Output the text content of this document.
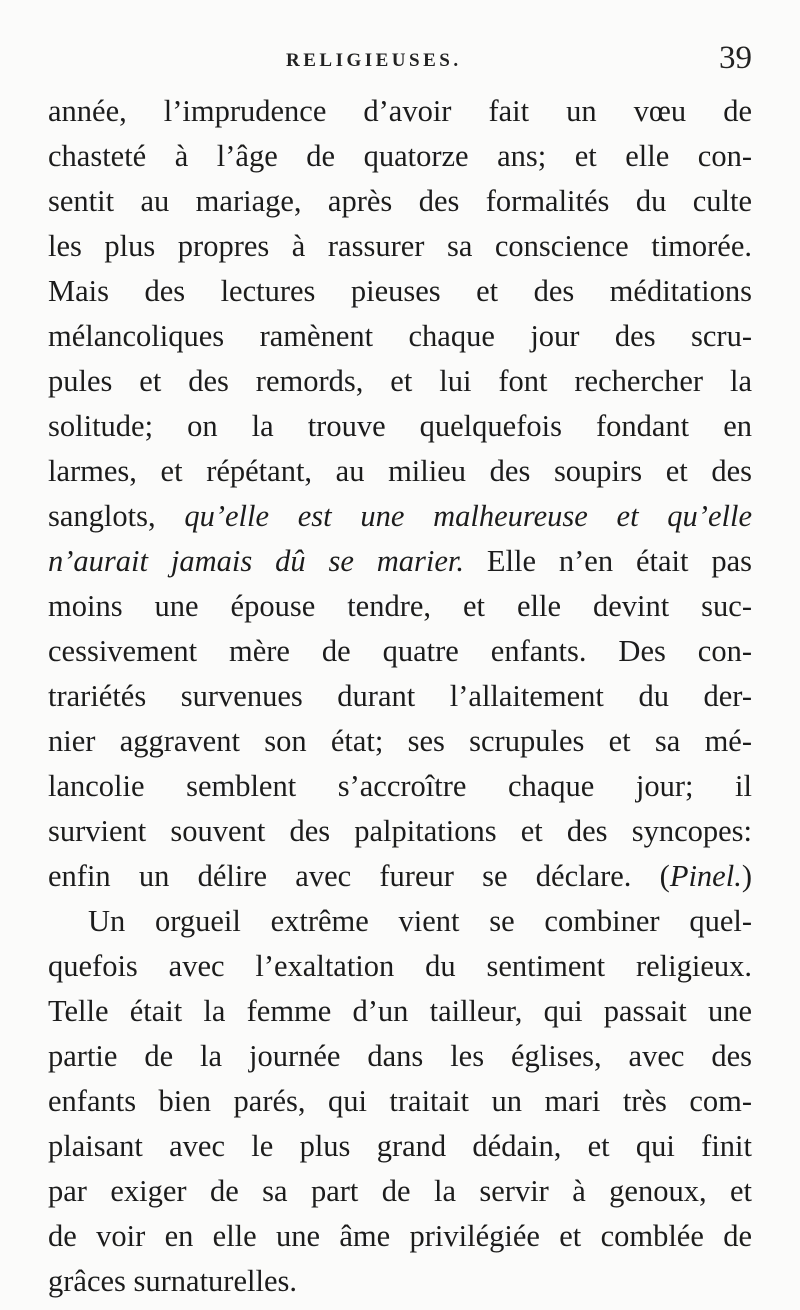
RELIGIEUSES.	39
année, l’imprudence d’avoir fait un vœu de
chasteté à l’âge de quatorze ans; et elle con-
sentit au mariage, après des formalités du culte
les plus propres à rassurer sa conscience timorée.
Mais des lectures pieuses et des méditations
mélancoliques ramènent chaque jour des scru-
pules et des remords, et lui font rechercher la
solitude; on la trouve quelquefois fondant en
larmes, et répétant, au milieu des soupirs et des
sanglots, qu’elle est une malheureuse et qu’elle
n’aurait jamais dû se marier. Elle n’en était pas
moins une épouse tendre, et elle devint suc-
cessivement mère de quatre enfants. Des con-
trariétés survenues durant l’allaitement du der-
nier aggravent son état; ses scrupules et sa mé-
lancolie semblent s’accroître chaque jour; il
survient souvent des palpitations et des syncopes:
enfin un délire avec fureur se déclare. (Pinel.)
Un orgueil extrême vient se combiner quel-
quefois avec l’exaltation du sentiment religieux.
Telle était la femme d’un tailleur, qui passait une
partie de la journée dans les églises, avec des
enfants bien parés, qui traitait un mari très com-
plaisant avec le plus grand dédain, et qui finit
par exiger de sa part de la servir à genoux, et
de voir en elle une âme privilégiée et comblée de
grâces surnaturelles.
